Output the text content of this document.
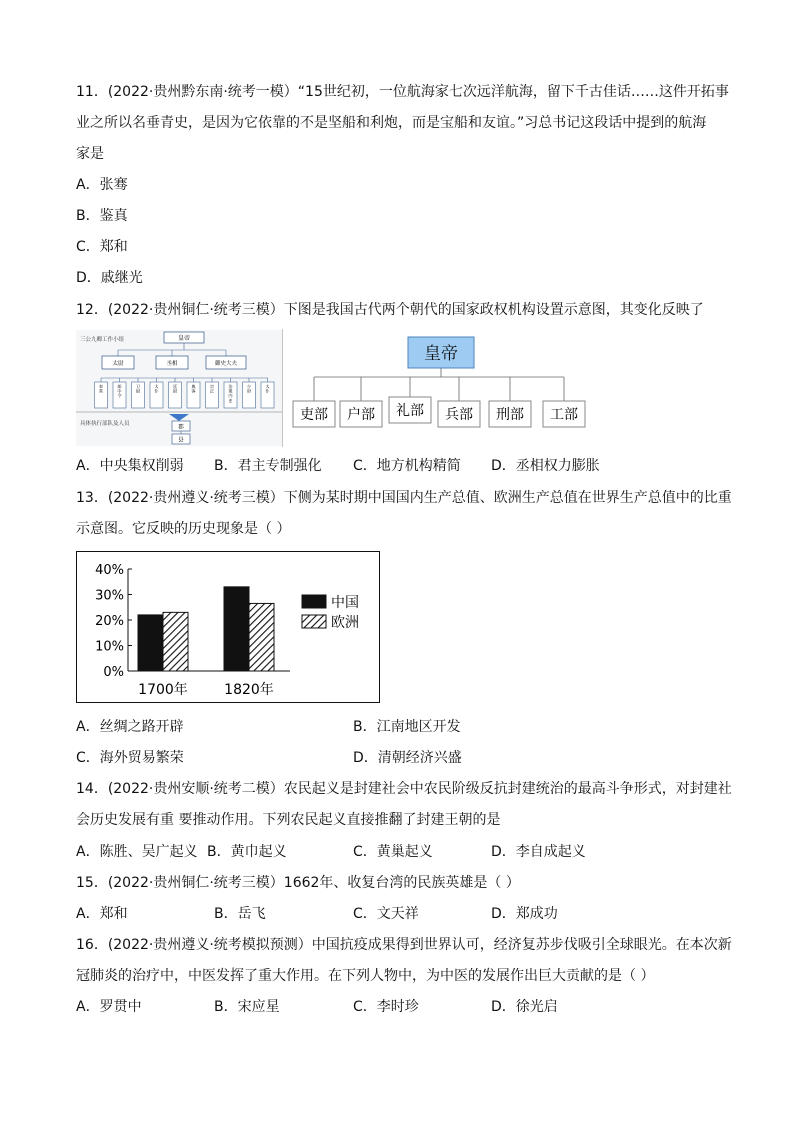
11．(2022·贵州黔东南·统考一模）“15世纪初，一位航海家七次远洋航海，留下千古佳话……这件开拓事
业之所以名垂青史，是因为它依靠的不是坚船和利炮，而是宝船和友谊。”习总书记这段话中提到的航海
家是
A．张骞
B．鉴真
C．郑和
D．戚继光
12．(2022·贵州铜仁·统考三模）下图是我国古代两个朝代的国家政权机构设置示意图，其变化反映了
三公九卿工作小组	皇帝
太尉	丞相	御史大夫
奉常
郎中令
卫尉
太仆
廷尉
典客
宗正
治粟内史
少府
太仆
具体执行部队及人员
郡
县
皇帝
吏部 户部 礼部 兵部 刑部 工部
A．中央集权削弱 B．君主专制强化 C．地方机构精简 D．丞相权力膨胀
13．(2022·贵州遵义·统考三模）下侧为某时期中国国内生产总值、欧洲生产总值在世界生产总值中的比重
示意图。它反映的历史现象是（ ）
0%
10%
20%
30%
40%
1700年	1820年
中国
欧洲
A．丝绸之路开辟	B．江南地区开发
C．海外贸易繁荣	D．清朝经济兴盛
14．(2022·贵州安顺·统考二模）农民起义是封建社会中农民阶级反抗封建统治的最高斗争形式，对封建社
会历史发展有重 要推动作用。下列农民起义直接推翻了封建王朝的是
A．陈胜、吴广起义 B．黄巾起义	C．黄巢起义	D．李自成起义
15．(2022·贵州铜仁·统考三模）1662年、收复台湾的民族英雄是（ ）
A．郑和	B．岳飞	C．文天祥	D．郑成功
16．(2022·贵州遵义·统考模拟预测）中国抗疫成果得到世界认可，经济复苏步伐吸引全球眼光。在本次新
冠肺炎的治疗中，中医发挥了重大作用。在下列人物中，为中医的发展作出巨大贡献的是（ ）
A．罗贯中	B．宋应星	C．李时珍	D．徐光启
